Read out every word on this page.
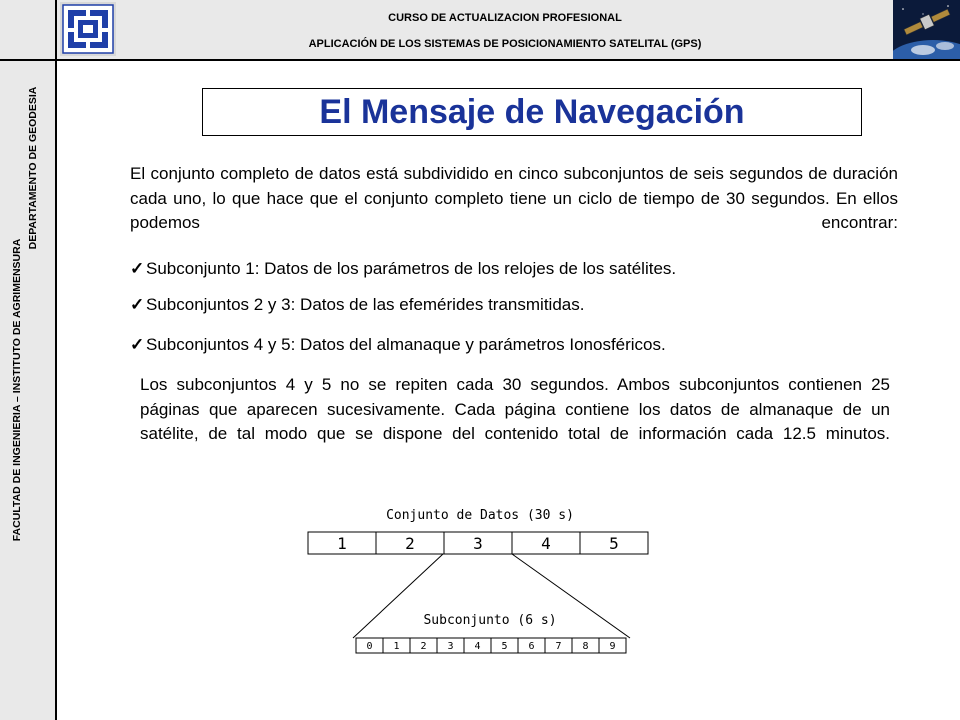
CURSO DE ACTUALIZACION PROFESIONAL
APLICACIÓN DE LOS SISTEMAS DE POSICIONAMIENTO SATELITAL (GPS)
FACULTAD DE INGENIERIA – INSTITUTO DE AGRIMENSURA
DEPARTAMENTO DE GEODESIA	El Mensaje de Navegación

El conjunto completo de datos está subdividido en cinco subconjuntos de seis segundos de duración cada uno, lo que hace que el conjunto completo tiene un ciclo de tiempo de 30 segundos. En ellos podemos encontrar:

✓ Subconjunto 1: Datos de los parámetros de los relojes de los satélites.

✓ Subconjuntos 2 y 3: Datos de las efemérides transmitidas.

✓ Subconjuntos 4 y 5: Datos del almanaque y parámetros Ionosféricos.

Los subconjuntos 4 y 5 no se repiten cada 30 segundos. Ambos subconjuntos contienen 25 páginas que aparecen sucesivamente. Cada página contiene los datos de almanaque de un satélite, de tal modo que se dispone del contenido total de información cada 12.5 minutos.

Conjunto de Datos (30 s)
1	2	3	4	5
Subconjunto (6 s)
0 1 2 3 4 5 6 7 8 9
